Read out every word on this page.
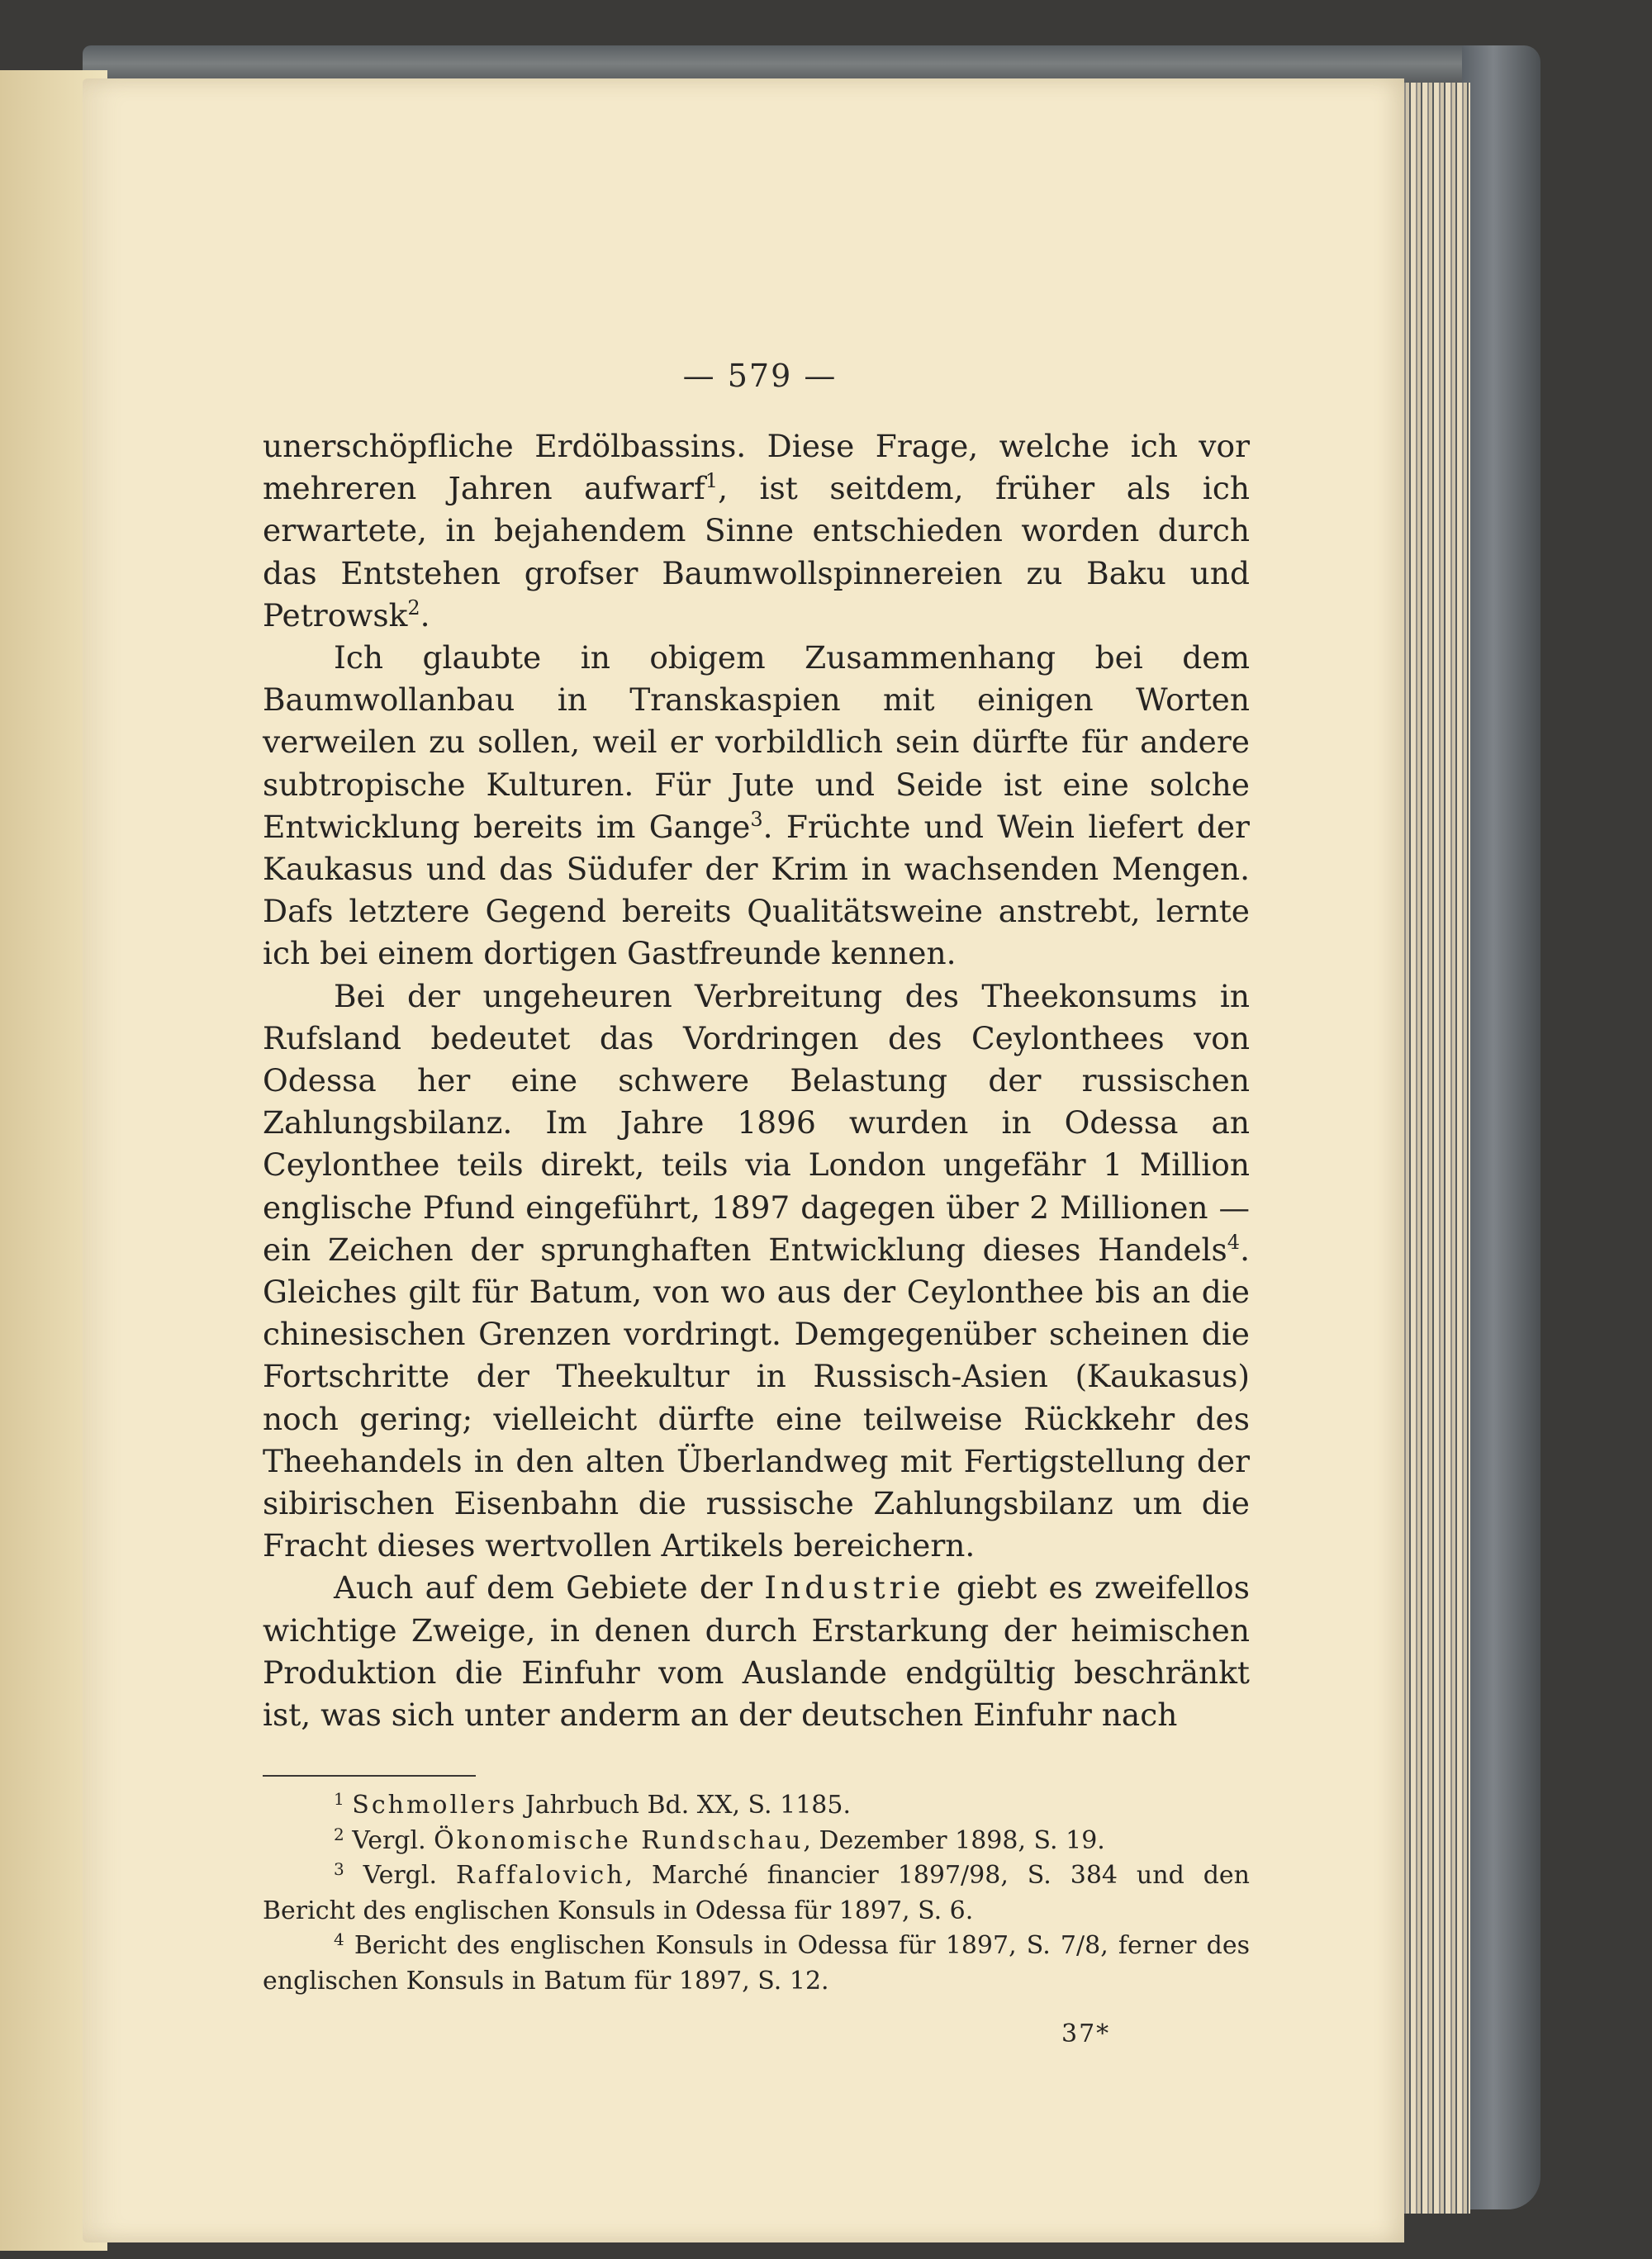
— 579 —

unerschöpfliche Erdölbassins. Diese Frage, welche ich vor mehreren Jahren aufwarf$^1$, ist seitdem, früher als ich erwartete, in bejahendem Sinne entschieden worden durch das Entstehen grofser Baumwollspinnereien zu Baku und Petrowsk$^2$.

Ich glaubte in obigem Zusammenhang bei dem Baumwollanbau in Transkaspien mit einigen Worten verweilen zu sollen, weil er vorbildlich sein dürfte für andere subtropische Kulturen. Für Jute und Seide ist eine solche Entwicklung bereits im Gange$^3$. Früchte und Wein liefert der Kaukasus und das Südufer der Krim in wachsenden Mengen. Dafs letztere Gegend bereits Qualitätsweine anstrebt, lernte ich bei einem dortigen Gastfreunde kennen.

Bei der ungeheuren Verbreitung des Theekonsums in Rufsland bedeutet das Vordringen des Ceylonthees von Odessa her eine schwere Belastung der russischen Zahlungsbilanz. Im Jahre 1896 wurden in Odessa an Ceylonthee teils direkt, teils via London ungefähr 1 Million englische Pfund eingeführt, 1897 dagegen über 2 Millionen — ein Zeichen der sprunghaften Entwicklung dieses Handels$^4$. Gleiches gilt für Batum, von wo aus der Ceylonthee bis an die chinesischen Grenzen vordringt. Demgegenüber scheinen die Fortschritte der Theekultur in Russisch-Asien (Kaukasus) noch gering; vielleicht dürfte eine teilweise Rückkehr des Theehandels in den alten Überlandweg mit Fertigstellung der sibirischen Eisenbahn die russische Zahlungsbilanz um die Fracht dieses wertvollen Artikels bereichern.

Auch auf dem Gebiete der Industrie giebt es zweifellos wichtige Zweige, in denen durch Erstarkung der heimischen Produktion die Einfuhr vom Auslande endgültig beschränkt ist, was sich unter anderm an der deutschen Einfuhr nach

$^1$ Schmollers Jahrbuch Bd. XX, S. 1185.

$^2$ Vergl. Ökonomische Rundschau, Dezember 1898, S. 19.

$^3$ Vergl. Raffalovich, Marché financier 1897/98, S. 384 und den Bericht des englischen Konsuls in Odessa für 1897, S. 6.

$^4$ Bericht des englischen Konsuls in Odessa für 1897, S. 7/8, ferner des englischen Konsuls in Batum für 1897, S. 12.

37*
